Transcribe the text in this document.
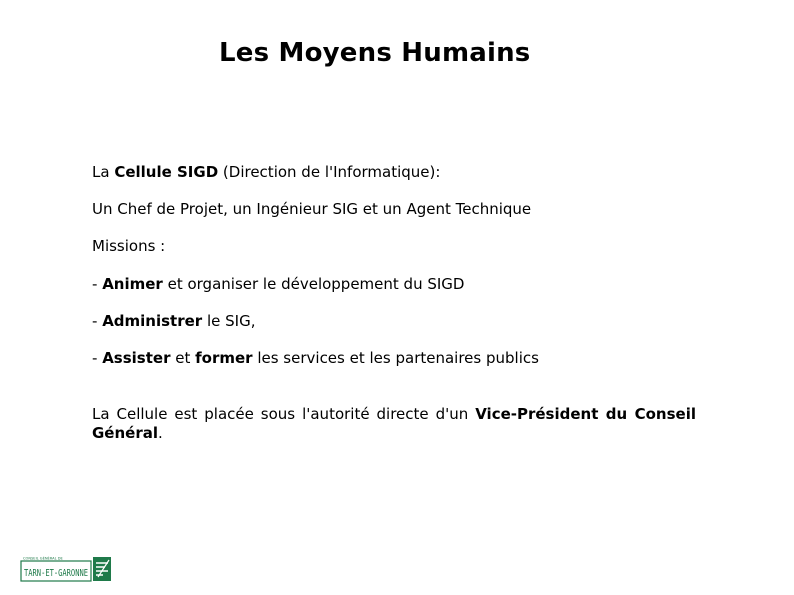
Les Moyens Humains
La Cellule SIGD (Direction de l'Informatique):
Un Chef de Projet, un Ingénieur SIG et un Agent Technique
Missions :
- Animer et organiser le développement du SIGD
- Administrer le SIG,
- Assister et former les services et les partenaires publics
La Cellule est placée sous l'autorité directe d'un Vice-Président du Conseil Général.
CONSEIL GÉNÉRAL DE
TARN-ET-GARONNE
